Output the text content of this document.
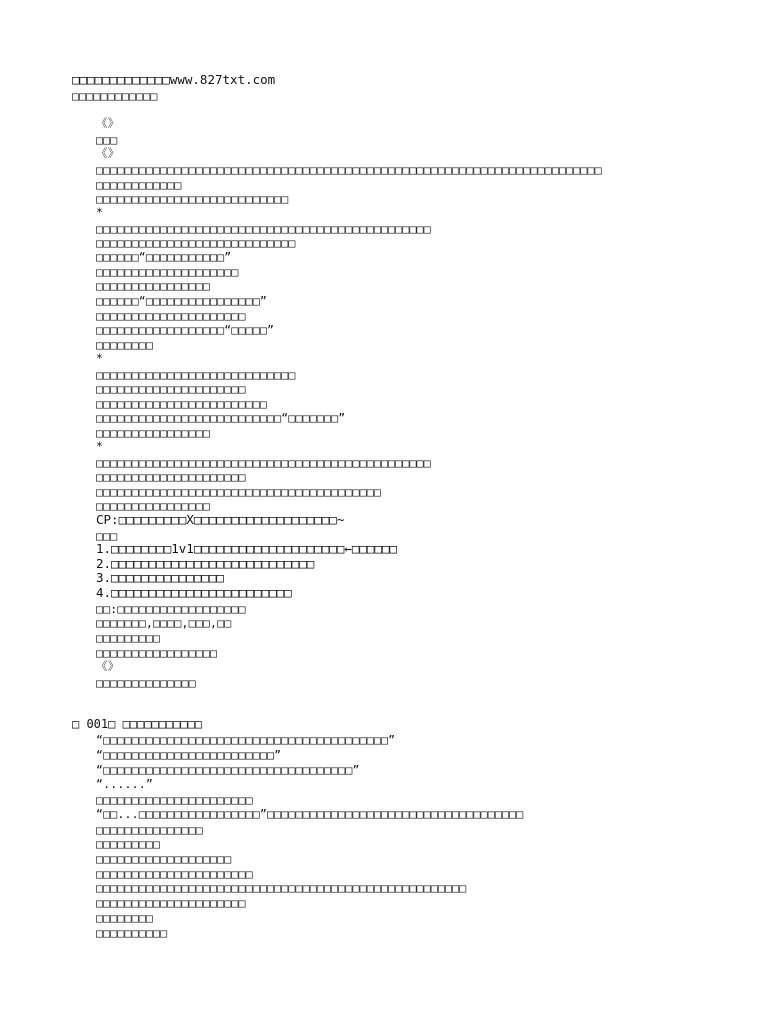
□□□□□□□□□□□□□www.827txt.com
□□□□□□□□□□□□
《》
□□□
《》
□□□□□□□□□□□□□□□□□□□□□□□□□□□□□□□□□□□□□□□□□□□□□□□□□□□□□□□□□□□□□□□□□□□□□□□
□□□□□□□□□□□□
□□□□□□□□□□□□□□□□□□□□□□□□□□□
*
□□□□□□□□□□□□□□□□□□□□□□□□□□□□□□□□□□□□□□□□□□□□□□□
□□□□□□□□□□□□□□□□□□□□□□□□□□□□
□□□□□□“□□□□□□□□□□□”
□□□□□□□□□□□□□□□□□□□□
□□□□□□□□□□□□□□□□
□□□□□□“□□□□□□□□□□□□□□□□”
□□□□□□□□□□□□□□□□□□□□□
□□□□□□□□□□□□□□□□□□“□□□□□”
□□□□□□□□
*
□□□□□□□□□□□□□□□□□□□□□□□□□□□□
□□□□□□□□□□□□□□□□□□□□□
□□□□□□□□□□□□□□□□□□□□□□□□
□□□□□□□□□□□□□□□□□□□□□□□□□□“□□□□□□□”
□□□□□□□□□□□□□□□□
*
□□□□□□□□□□□□□□□□□□□□□□□□□□□□□□□□□□□□□□□□□□□□□□□
□□□□□□□□□□□□□□□□□□□□□
□□□□□□□□□□□□□□□□□□□□□□□□□□□□□□□□□□□□□□□□
□□□□□□□□□□□□□□□□
CP:□□□□□□□□□X□□□□□□□□□□□□□□□□□□□~
□□□
1.□□□□□□□□1v1□□□□□□□□□□□□□□□□□□□□←□□□□□□
2.□□□□□□□□□□□□□□□□□□□□□□□□□□□
3.□□□□□□□□□□□□□□□
4.□□□□□□□□□□□□□□□□□□□□□□□□
□□:□□□□□□□□□□□□□□□□□□
□□□□□□□,□□□□,□□□,□□
□□□□□□□□□
□□□□□□□□□□□□□□□□□
《》
□□□□□□□□□□□□□□
□ 001□ □□□□□□□□□□□
“□□□□□□□□□□□□□□□□□□□□□□□□□□□□□□□□□□□□□□□□”
“□□□□□□□□□□□□□□□□□□□□□□□□”
“□□□□□□□□□□□□□□□□□□□□□□□□□□□□□□□□□□□”
“......”
□□□□□□□□□□□□□□□□□□□□□□
“□□...□□□□□□□□□□□□□□□□□”□□□□□□□□□□□□□□□□□□□□□□□□□□□□□□□□□□□□
□□□□□□□□□□□□□□□
□□□□□□□□□
□□□□□□□□□□□□□□□□□□□
□□□□□□□□□□□□□□□□□□□□□□
□□□□□□□□□□□□□□□□□□□□□□□□□□□□□□□□□□□□□□□□□□□□□□□□□□□□
□□□□□□□□□□□□□□□□□□□□□
□□□□□□□□
□□□□□□□□□□
